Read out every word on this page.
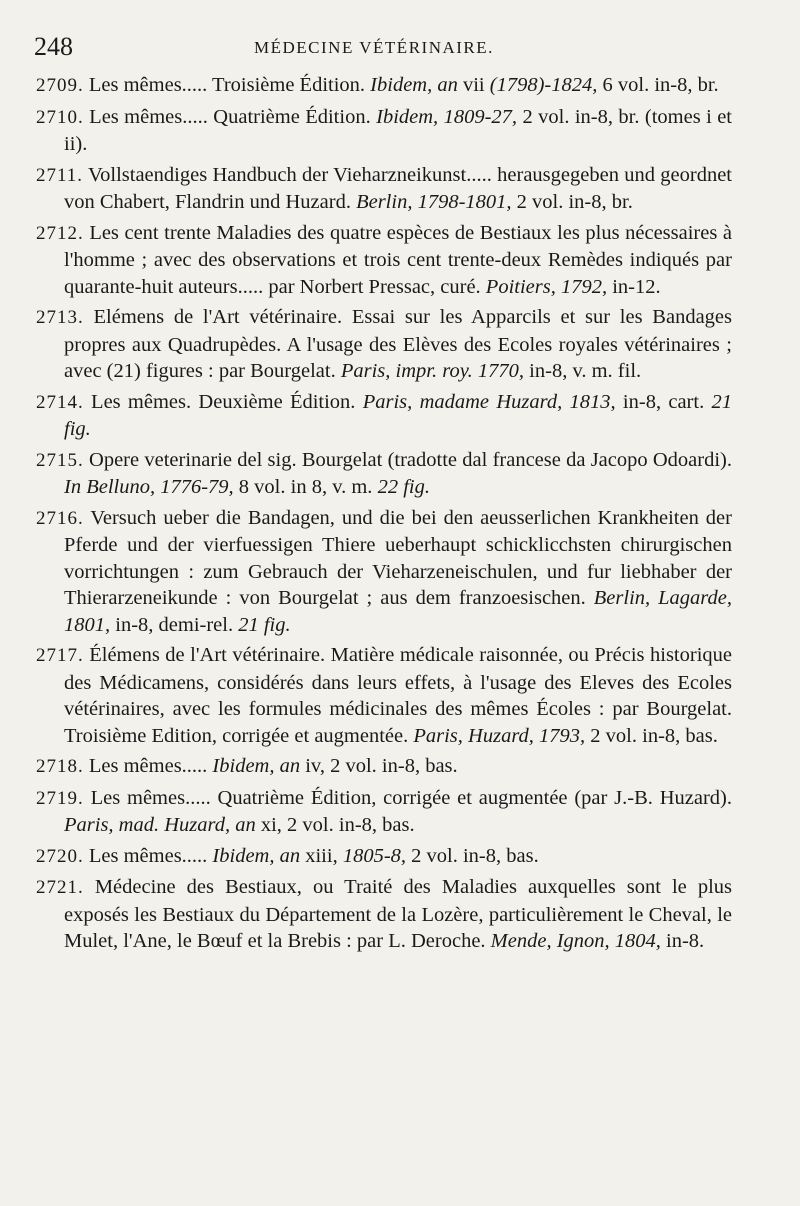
248	MÉDECINE VÉTÉRINAIRE.

2709. Les mêmes..... Troisième Édition. Ibidem, an vii (1798)-1824, 6 vol. in-8, br.

2710. Les mêmes..... Quatrième Édition. Ibidem, 1809-27, 2 vol. in-8, br. (tomes i et ii).

2711. Vollstaendiges Handbuch der Vieharzneikunst..... herausgegeben und geordnet von Chabert, Flandrin und Huzard. Berlin, 1798-1801, 2 vol. in-8, br.

2712. Les cent trente Maladies des quatre espèces de Bestiaux les plus nécessaires à l'homme ; avec des observations et trois cent trente-deux Remèdes indiqués par quarante-huit auteurs..... par Norbert Pressac, curé. Poitiers, 1792, in-12.

2713. Elémens de l'Art vétérinaire. Essai sur les Apparcils et sur les Bandages propres aux Quadrupèdes. A l'usage des Elèves des Ecoles royales vétérinaires ; avec (21) figures : par Bourgelat. Paris, impr. roy. 1770, in-8, v. m. fil.

2714. Les mêmes. Deuxième Édition. Paris, madame Huzard, 1813, in-8, cart. 21 fig.

2715. Opere veterinarie del sig. Bourgelat (tradotte dal francese da Jacopo Odoardi). In Belluno, 1776-79, 8 vol. in 8, v. m. 22 fig.

2716. Versuch ueber die Bandagen, und die bei den aeusserlichen Krankheiten der Pferde und der vierfuessigen Thiere ueberhaupt schicklicchsten chirurgischen vorrichtungen : zum Gebrauch der Vieharzeneischulen, und fur liebhaber der Thierarzeneikunde : von Bourgelat ; aus dem franzoesischen. Berlin, Lagarde, 1801, in-8, demi-rel. 21 fig.

2717. Élémens de l'Art vétérinaire. Matière médicale raisonnée, ou Précis historique des Médicamens, considérés dans leurs effets, à l'usage des Eleves des Ecoles vétérinaires, avec les formules médicinales des mêmes Écoles : par Bourgelat. Troisième Edition, corrigée et augmentée. Paris, Huzard, 1793, 2 vol. in-8, bas.

2718. Les mêmes..... Ibidem, an iv, 2 vol. in-8, bas.

2719. Les mêmes..... Quatrième Édition, corrigée et augmentée (par J.-B. Huzard). Paris, mad. Huzard, an xi, 2 vol. in-8, bas.

2720. Les mêmes..... Ibidem, an xiii, 1805-8, 2 vol. in-8, bas.

2721. Médecine des Bestiaux, ou Traité des Maladies auxquelles sont le plus exposés les Bestiaux du Département de la Lozère, particulièrement le Cheval, le Mulet, l'Ane, le Bœuf et la Brebis : par L. Deroche. Mende, Ignon, 1804, in-8.
